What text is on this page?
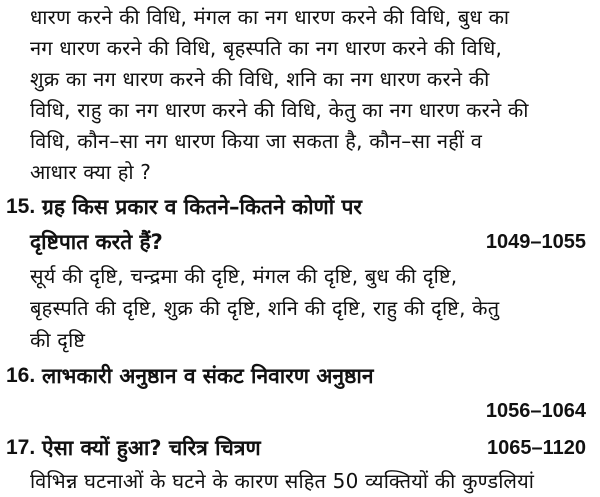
धारण करने की विधि, मंगल का नग धारण करने की विधि, बुध का
नग धारण करने की विधि, बृहस्पति का नग धारण करने की विधि,
शुक्र का नग धारण करने की विधि, शनि का नग धारण करने की
विधि, राहु का नग धारण करने की विधि, केतु का नग धारण करने की
विधि, कौन–सा नग धारण किया जा सकता है, कौन–सा नहीं व
आधार क्या हो ?
15. ग्रह किस प्रकार व कितने–कितने कोणों पर
दृष्टिपात करते हैं?	1049–1055
सूर्य की दृष्टि, चन्द्रमा की दृष्टि, मंगल की दृष्टि, बुध की दृष्टि,
बृहस्पति की दृष्टि, शुक्र की दृष्टि, शनि की दृष्टि, राहु की दृष्टि, केतु
की दृष्टि
16. लाभकारी अनुष्ठान व संकट निवारण अनुष्ठान
1056–1064
17. ऐसा क्यों हुआ? चरित्र चित्रण	1065–1120
विभिन्न घटनाओं के घटने के कारण सहित 50 व्यक्तियों की कुण्डलियां
